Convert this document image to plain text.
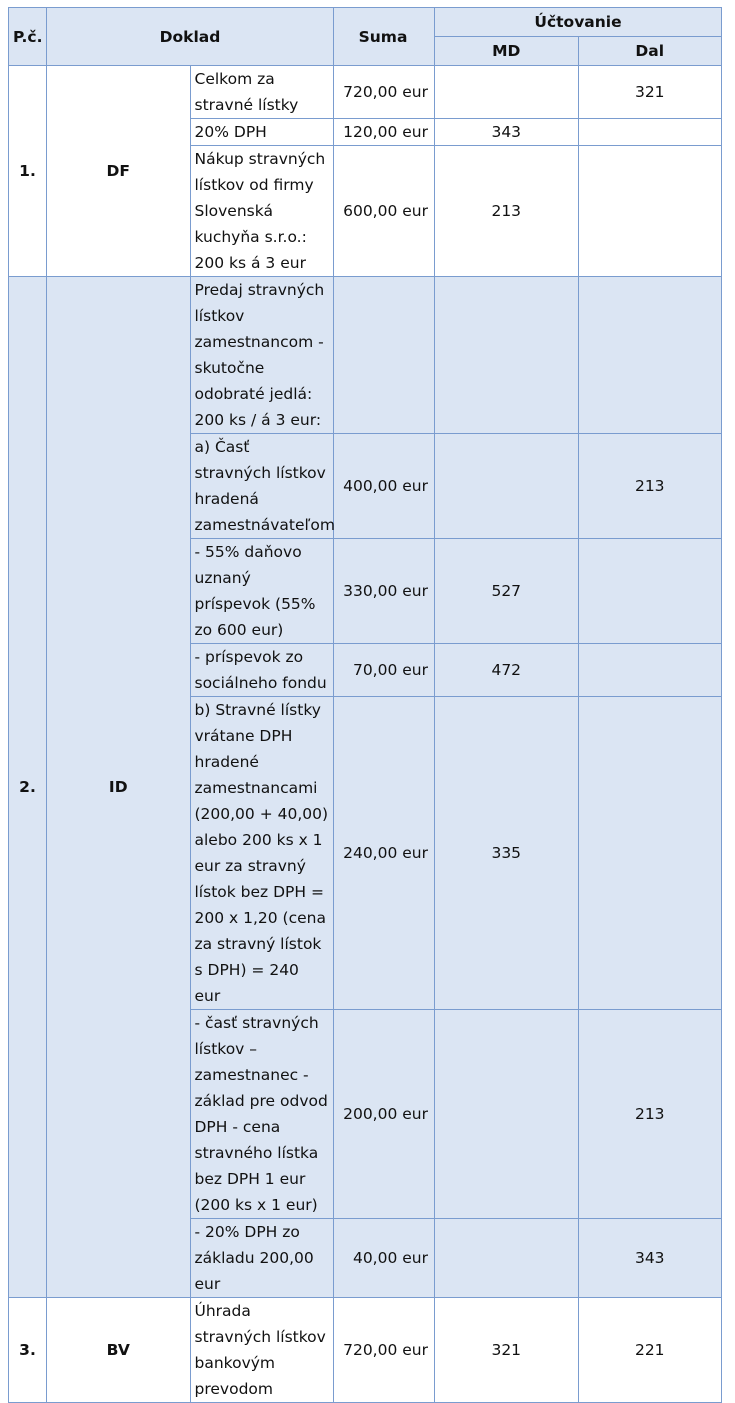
P.č.	Doklad		Suma	Účtovanie	
				MD	Dal
1.	DF	Celkom za stravné lístky	720,00 eur		321
		20% DPH	120,00 eur	343	
		Nákup stravných lístkov od firmy Slovenská kuchyňa s.r.o.: 200 ks á 3 eur	600,00 eur	213	
2.	ID	Predaj stravných lístkov zamestnancom - skutočne odobraté jedlá: 200 ks / á 3 eur:			
		a) Časť stravných lístkov hradená zamestnávateľom	400,00 eur		213
		- 55% daňovo uznaný príspevok (55% zo 600 eur)	330,00 eur	527	
		- príspevok zo sociálneho fondu	70,00 eur	472	
		b) Stravné lístky vrátane DPH hradené zamestnancami (200,00 + 40,00) alebo 200 ks x 1 eur za stravný lístok bez DPH = 200 x 1,20 (cena za stravný lístok s DPH) = 240 eur	240,00 eur	335	
		- časť stravných lístkov – zamestnanec - základ pre odvod DPH - cena stravného lístka bez DPH 1 eur (200 ks x 1 eur)	200,00 eur		213
		- 20% DPH zo základu 200,00 eur	40,00 eur		343
3.	BV	Úhrada stravných lístkov bankovým prevodom	720,00 eur	321	221
